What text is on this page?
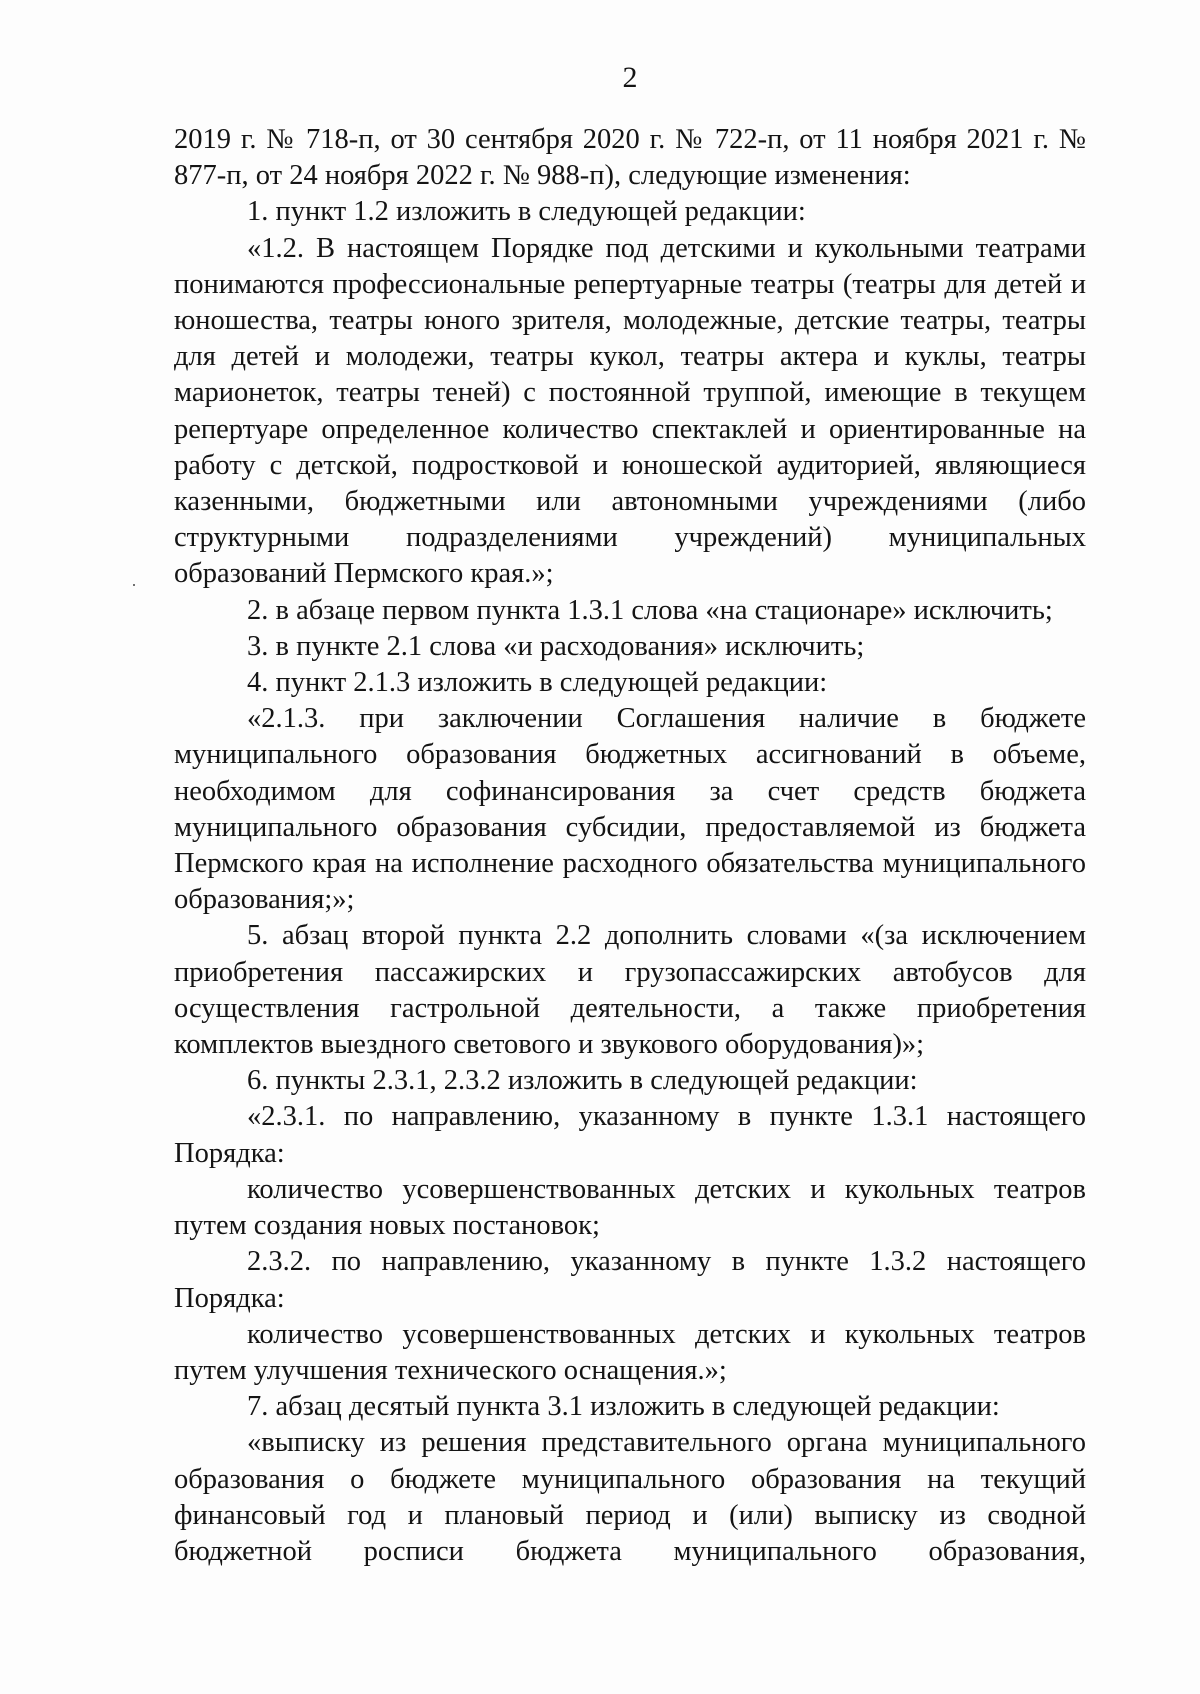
2

2019 г. № 718-п, от 30 сентября 2020 г. № 722-п, от 11 ноября 2021 г. № 877-п, от 24 ноября 2022 г. № 988-п), следующие изменения:

1. пункт 1.2 изложить в следующей редакции:

«1.2. В настоящем Порядке под детскими и кукольными театрами понимаются профессиональные репертуарные театры (театры для детей и юношества, театры юного зрителя, молодежные, детские театры, театры для детей и молодежи, театры кукол, театры актера и куклы, театры марионеток, театры теней) с постоянной труппой, имеющие в текущем репертуаре определенное количество спектаклей и ориентированные на работу с детской, подростковой и юношеской аудиторией, являющиеся казенными, бюджетными или автономными учреждениями (либо структурными подразделениями учреждений) муниципальных образований Пермского края.»;

2. в абзаце первом пункта 1.3.1 слова «на стационаре» исключить;

3. в пункте 2.1 слова «и расходования» исключить;

4. пункт 2.1.3 изложить в следующей редакции:

«2.1.3. при заключении Соглашения наличие в бюджете муниципального образования бюджетных ассигнований в объеме, необходимом для софинансирования за счет средств бюджета муниципального образования субсидии, предоставляемой из бюджета Пермского края на исполнение расходного обязательства муниципального образования;»;

5. абзац второй пункта 2.2 дополнить словами «(за исключением приобретения пассажирских и грузопассажирских автобусов для осуществления гастрольной деятельности, а также приобретения комплектов выездного светового и звукового оборудования)»;

6. пункты 2.3.1, 2.3.2 изложить в следующей редакции:

«2.3.1. по направлению, указанному в пункте 1.3.1 настоящего Порядка:

количество усовершенствованных детских и кукольных театров путем создания новых постановок;

2.3.2. по направлению, указанному в пункте 1.3.2 настоящего Порядка:

количество усовершенствованных детских и кукольных театров путем улучшения технического оснащения.»;

7. абзац десятый пункта 3.1 изложить в следующей редакции:

«выписку из решения представительного органа муниципального образования о бюджете муниципального образования на текущий финансовый год и плановый период и (или) выписку из сводной бюджетной росписи бюджета муниципального образования,
